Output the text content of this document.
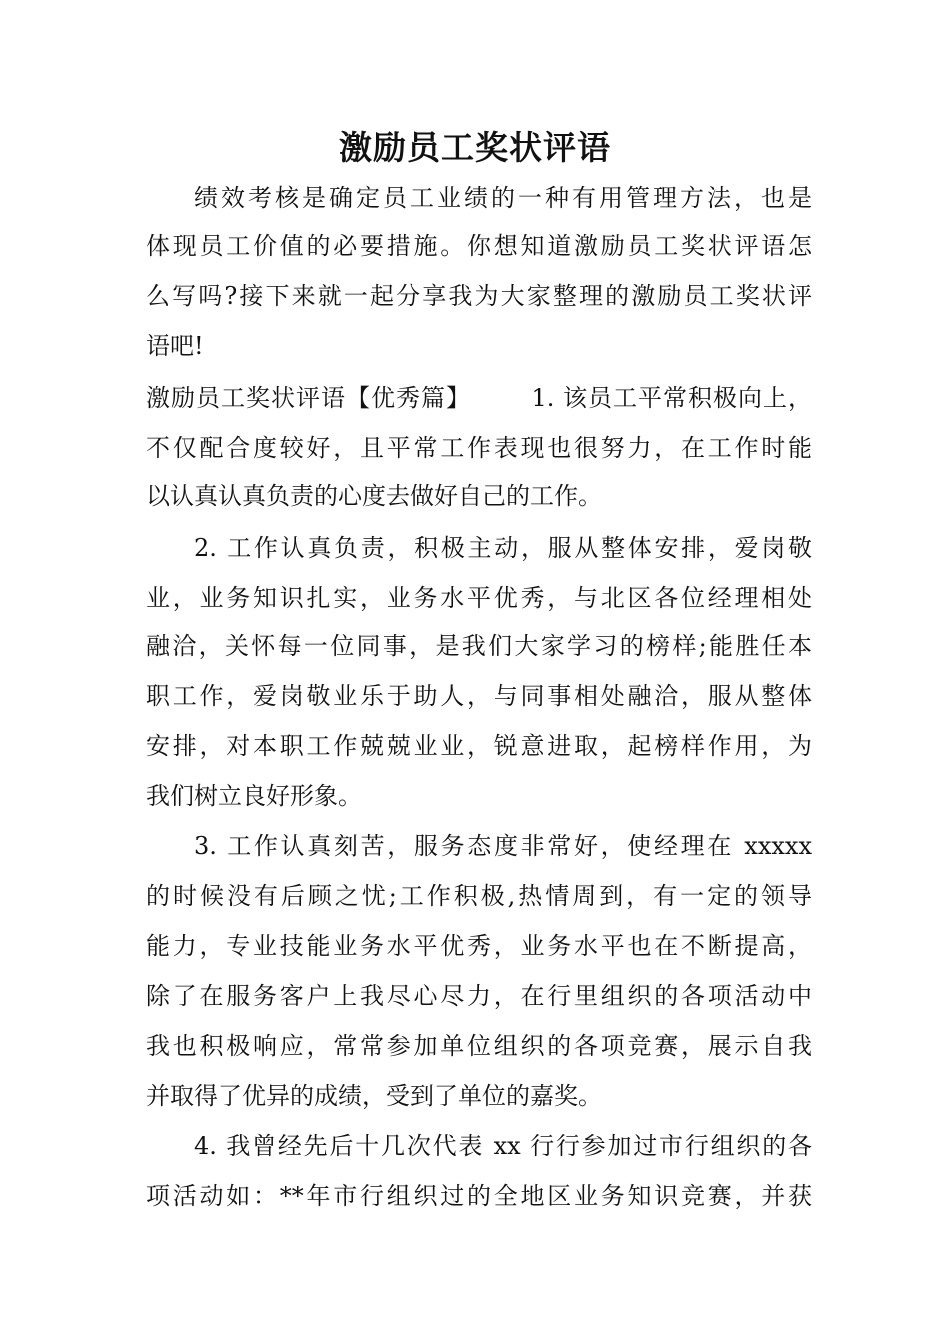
激励员工奖状评语

绩效考核是确定员工业绩的一种有用管理方法，也是

体现员工价值的必要措施。你想知道激励员工奖状评语怎

么写吗?接下来就一起分享我为大家整理的激励员工奖状评

语吧!

激励员工奖状评语【优秀篇】       1. 该员工平常积极向上，

不仅配合度较好，且平常工作表现也很努力，在工作时能

以认真认真负责的心度去做好自己的工作。

2. 工作认真负责，积极主动，服从整体安排，爱岗敬

业，业务知识扎实，业务水平优秀，与北区各位经理相处

融洽，关怀每一位同事，是我们大家学习的榜样;能胜任本

职工作，爱岗敬业乐于助人，与同事相处融洽，服从整体

安排，对本职工作兢兢业业，锐意进取，起榜样作用，为

我们树立良好形象。

3. 工作认真刻苦，服务态度非常好，使经理在 xxxxx

的时候没有后顾之忧;工作积极,热情周到，有一定的领导

能力，专业技能业务水平优秀，业务水平也在不断提高，

除了在服务客户上我尽心尽力，在行里组织的各项活动中

我也积极响应，常常参加单位组织的各项竞赛，展示自我

并取得了优异的成绩，受到了单位的嘉奖。

4. 我曾经先后十几次代表 xx 行行参加过市行组织的各

项活动如：**年市行组织过的全地区业务知识竞赛，并获
